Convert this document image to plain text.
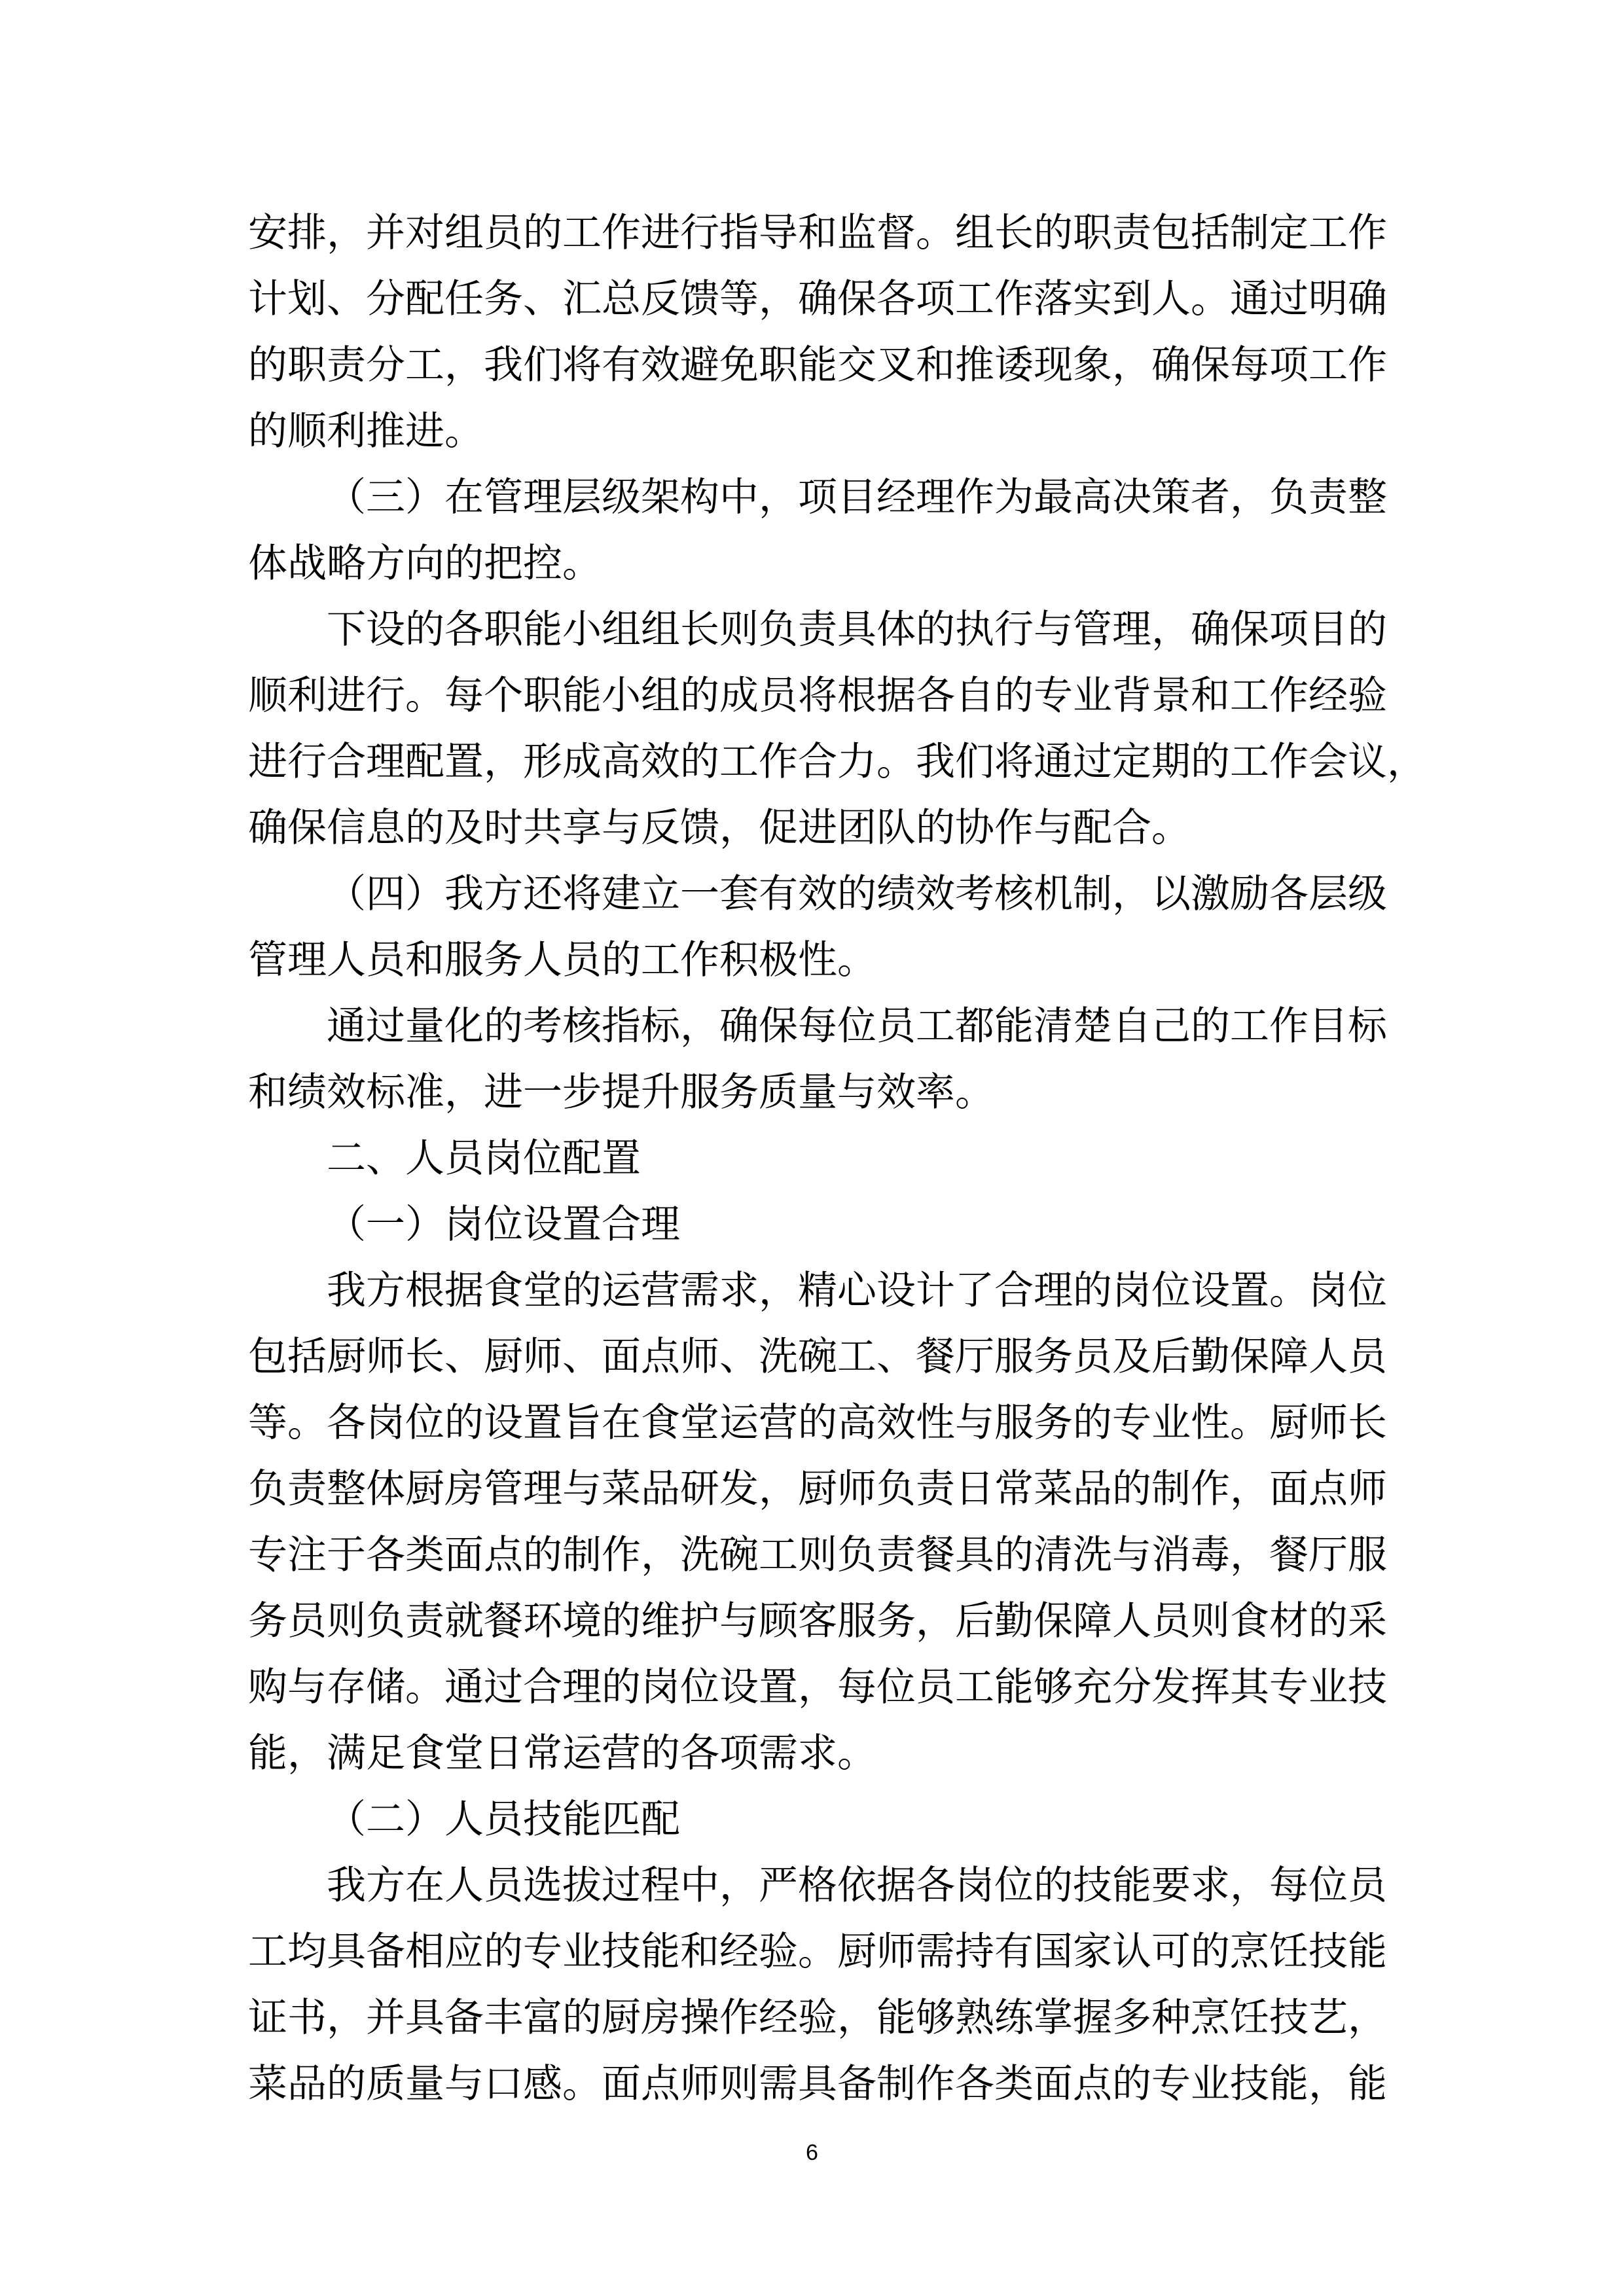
安排，并对组员的工作进行指导和监督。组长的职责包括制定工作
计划、分配任务、汇总反馈等，确保各项工作落实到人。通过明确
的职责分工，我们将有效避免职能交叉和推诿现象，确保每项工作
的顺利推进。
（三）在管理层级架构中，项目经理作为最高决策者，负责整
体战略方向的把控。
下设的各职能小组组长则负责具体的执行与管理，确保项目的
顺利进行。每个职能小组的成员将根据各自的专业背景和工作经验
进行合理配置，形成高效的工作合力。我们将通过定期的工作会议，
确保信息的及时共享与反馈，促进团队的协作与配合。
（四）我方还将建立一套有效的绩效考核机制，以激励各层级
管理人员和服务人员的工作积极性。
通过量化的考核指标，确保每位员工都能清楚自己的工作目标
和绩效标准，进一步提升服务质量与效率。
二、人员岗位配置
（一）岗位设置合理
我方根据食堂的运营需求，精心设计了合理的岗位设置。岗位
包括厨师长、厨师、面点师、洗碗工、餐厅服务员及后勤保障人员
等。各岗位的设置旨在食堂运营的高效性与服务的专业性。厨师长
负责整体厨房管理与菜品研发，厨师负责日常菜品的制作，面点师
专注于各类面点的制作，洗碗工则负责餐具的清洗与消毒，餐厅服
务员则负责就餐环境的维护与顾客服务，后勤保障人员则食材的采
购与存储。通过合理的岗位设置，每位员工能够充分发挥其专业技
能，满足食堂日常运营的各项需求。
（二）人员技能匹配
我方在人员选拔过程中，严格依据各岗位的技能要求，每位员
工均具备相应的专业技能和经验。厨师需持有国家认可的烹饪技能
证书，并具备丰富的厨房操作经验，能够熟练掌握多种烹饪技艺，
菜品的质量与口感。面点师则需具备制作各类面点的专业技能，能
6
